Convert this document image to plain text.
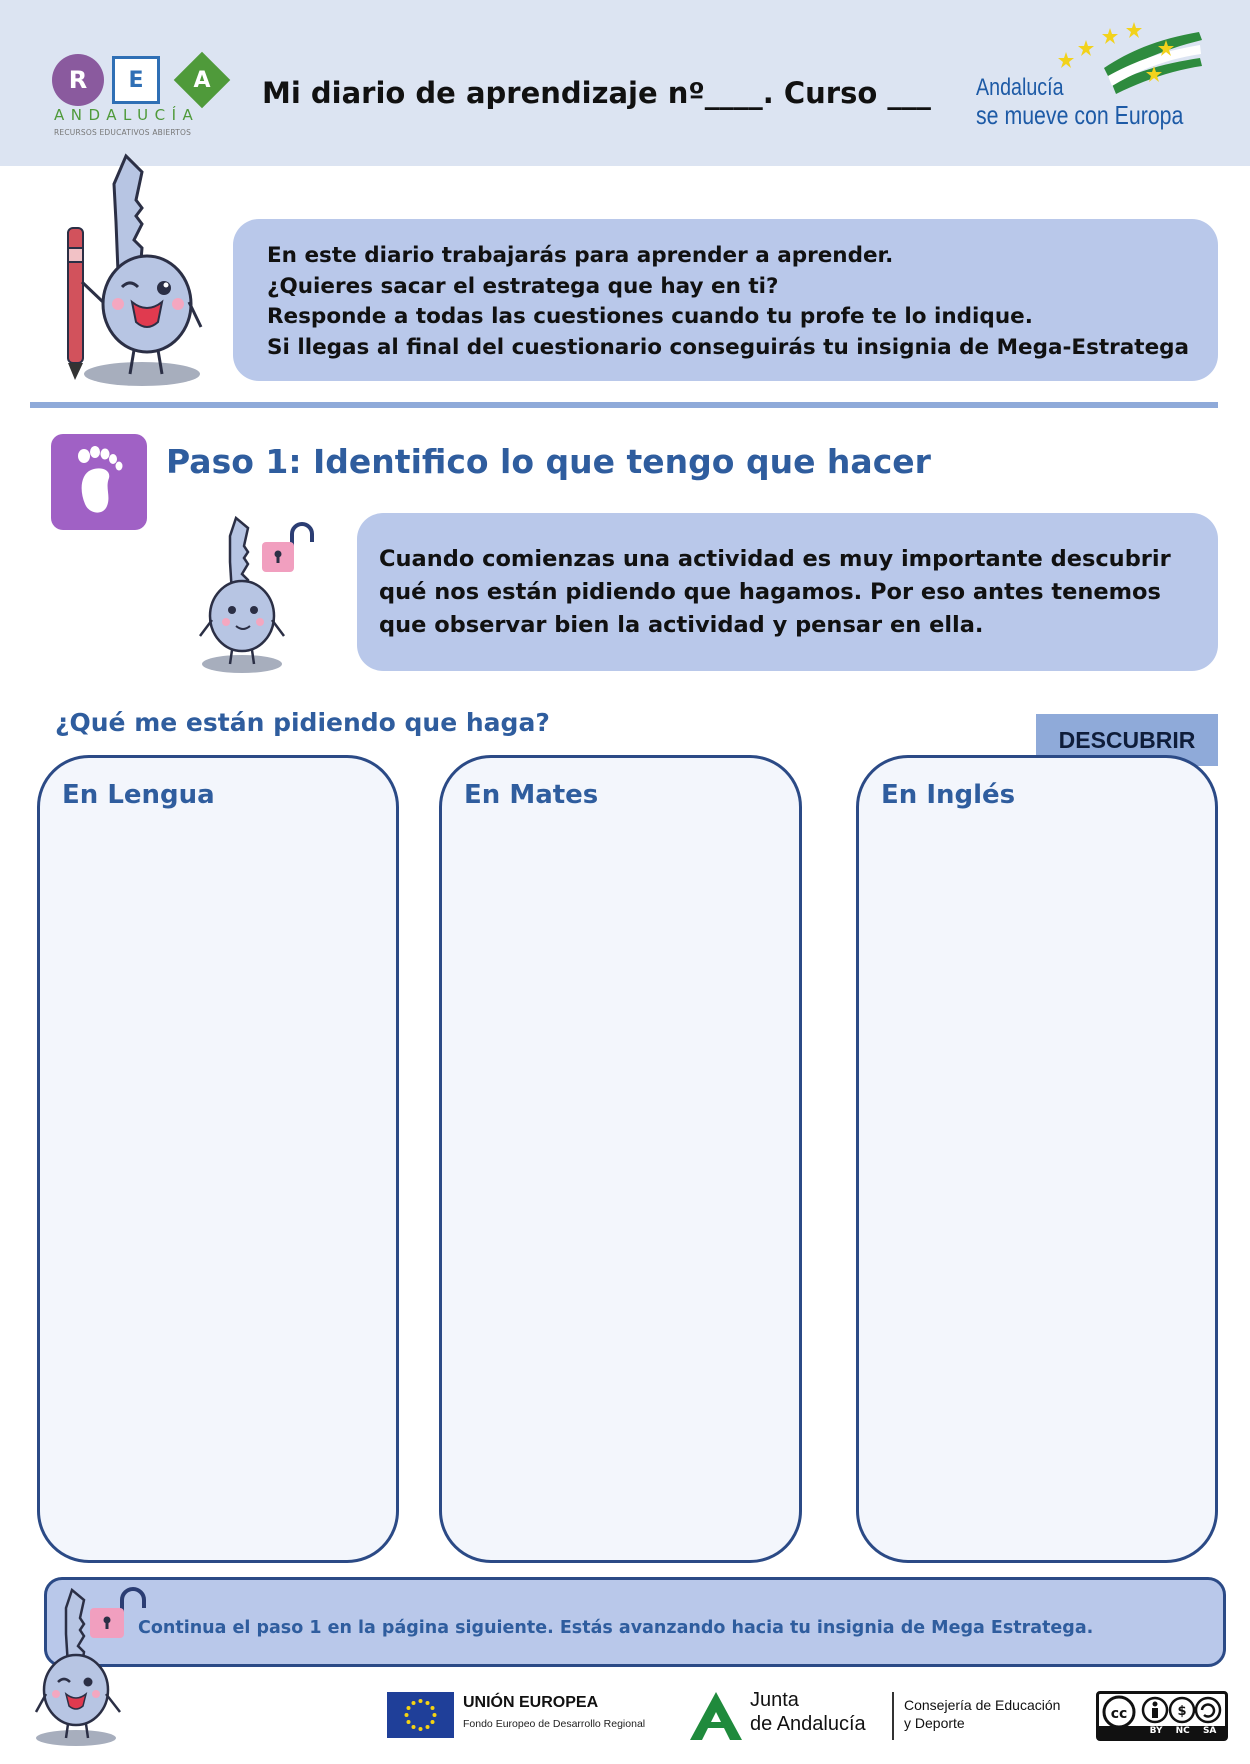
R	E	A
ANDALUCÍA
RECURSOS EDUCATIVOS ABIERTOS
Mi diario de aprendizaje nº____. Curso ___ Andalucía
se mueve con Europa
En este diario trabajarás para aprender a aprender.
¿Quieres sacar el estratega que hay en ti?
Responde a todas las cuestiones cuando tu profe te lo indique.
Si llegas al final del cuestionario conseguirás tu insignia de Mega-Estratega
Paso 1: Identifico lo que tengo que hacer
Cuando comienzas una actividad es muy importante descubrir
qué nos están pidiendo que hagamos. Por eso antes tenemos
que observar bien la actividad y pensar en ella.
¿Qué me están pidiendo que haga?
DESCUBRIR
En Lengua	En Mates	En Inglés
Continua el paso 1 en la página siguiente. Estás avanzando hacia tu insignia de Mega Estratega.
UNIÓN EUROPEA
Fondo Europeo de Desarrollo Regional
Junta
de Andalucía
Consejería de Educación
y Deporte
cc	$
BY NC SA
